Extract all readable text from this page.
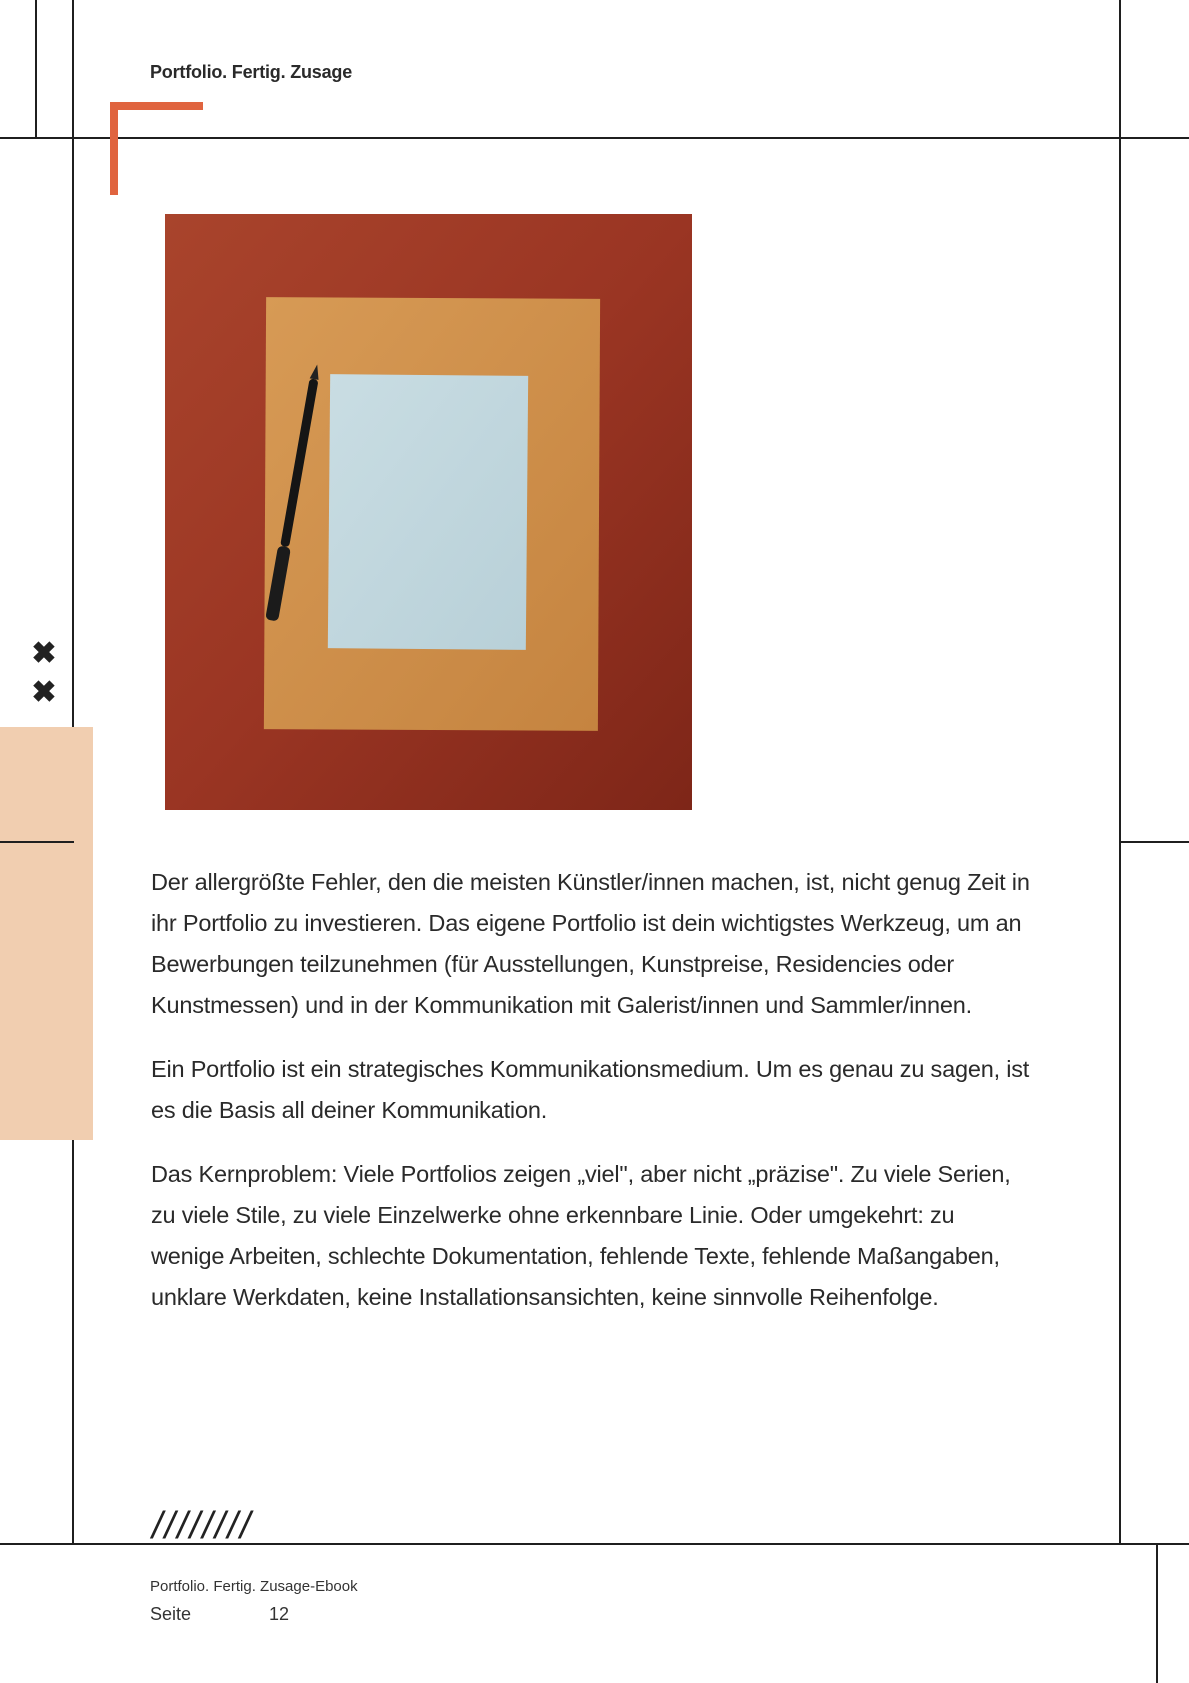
Portfolio. Fertig. Zusage
✖
✖

Der allergrößte Fehler, den die meisten Künstler/innen machen, ist, nicht genug Zeit in ihr Portfolio zu investieren. Das eigene Portfolio ist dein wichtigstes Werkzeug, um an Bewerbungen teilzunehmen (für Ausstellungen, Kunstpreise, Residencies oder Kunstmessen) und in der Kommunikation mit Galerist/innen und Sammler/innen.

Ein Portfolio ist ein strategisches Kommunikationsmedium. Um es genau zu sagen, ist es die Basis all deiner Kommunikation.

Das Kernproblem: Viele Portfolios zeigen „viel", aber nicht „präzise". Zu viele Serien, zu viele Stile, zu viele Einzelwerke ohne erkennbare Linie. Oder umgekehrt: zu wenige Arbeiten, schlechte Dokumentation, fehlende Texte, fehlende Maßangaben, unklare Werkdaten, keine Installationsansichten, keine sinnvolle Reihenfolge.

////////
Portfolio. Fertig. Zusage-Ebook
Seite	12
